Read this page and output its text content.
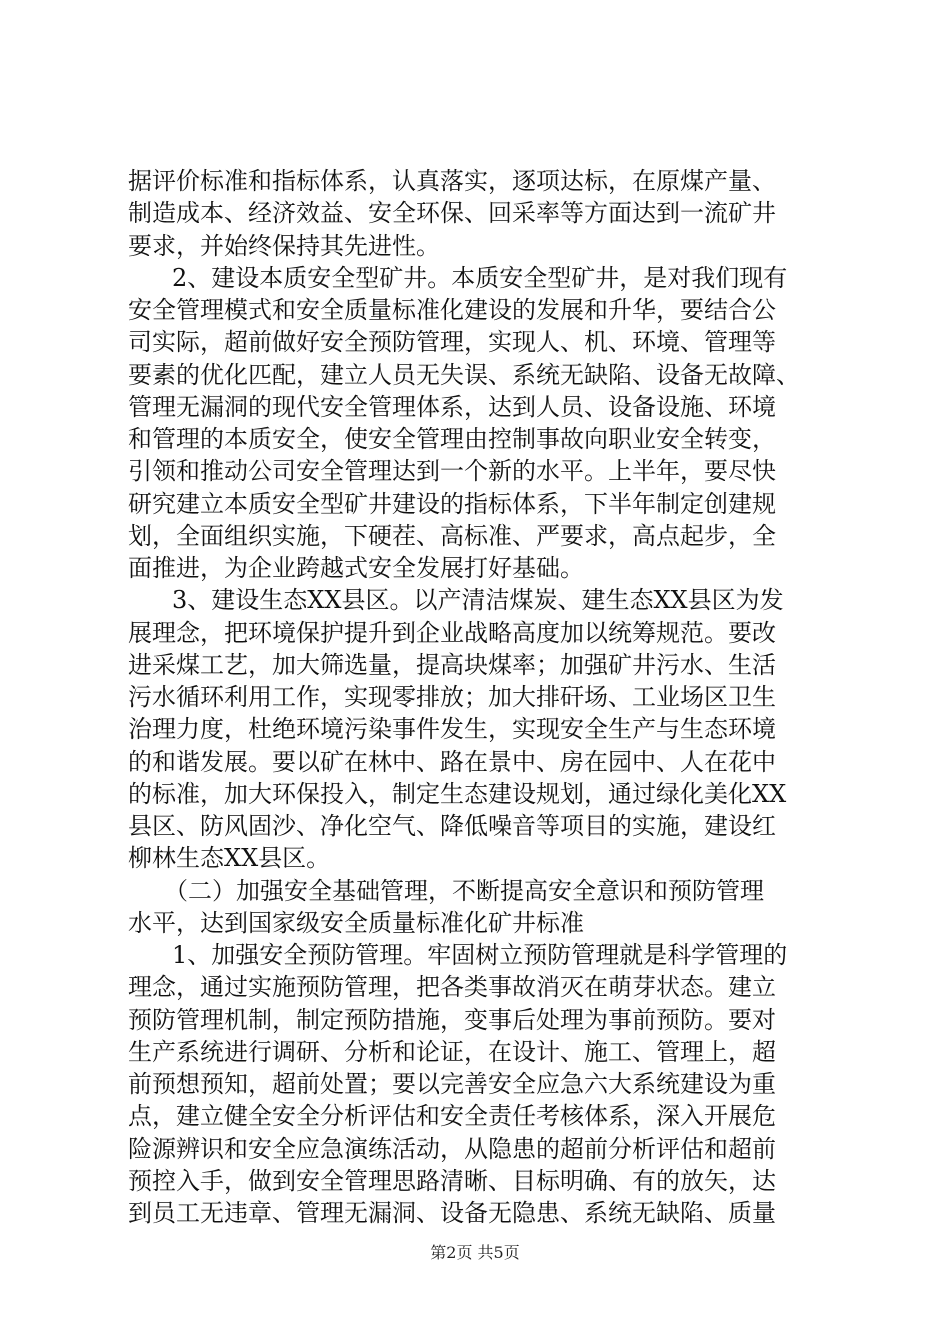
据评价标准和指标体系，认真落实，逐项达标，在原煤产量、
制造成本、经济效益、安全环保、回采率等方面达到一流矿井
要求，并始终保持其先进性。
2、建设本质安全型矿井。本质安全型矿井，是对我们现有
安全管理模式和安全质量标准化建设的发展和升华，要结合公
司实际，超前做好安全预防管理，实现人、机、环境、管理等
要素的优化匹配，建立人员无失误、系统无缺陷、设备无故障、
管理无漏洞的现代安全管理体系，达到人员、设备设施、环境
和管理的本质安全，使安全管理由控制事故向职业安全转变，
引领和推动公司安全管理达到一个新的水平。上半年，要尽快
研究建立本质安全型矿井建设的指标体系，下半年制定创建规
划，全面组织实施，下硬茬、高标准、严要求，高点起步，全
面推进，为企业跨越式安全发展打好基础。
3、建设生态XX县区。以产清洁煤炭、建生态XX县区为发
展理念，把环境保护提升到企业战略高度加以统筹规范。要改
进采煤工艺，加大筛选量，提高块煤率；加强矿井污水、生活
污水循环利用工作，实现零排放；加大排矸场、工业场区卫生
治理力度，杜绝环境污染事件发生，实现安全生产与生态环境
的和谐发展。要以矿在林中、路在景中、房在园中、人在花中
的标准，加大环保投入，制定生态建设规划，通过绿化美化XX
县区、防风固沙、净化空气、降低噪音等项目的实施，建设红
柳林生态XX县区。
（二）加强安全基础管理，不断提高安全意识和预防管理
水平，达到国家级安全质量标准化矿井标准
1、加强安全预防管理。牢固树立预防管理就是科学管理的
理念，通过实施预防管理，把各类事故消灭在萌芽状态。建立
预防管理机制，制定预防措施，变事后处理为事前预防。要对
生产系统进行调研、分析和论证，在设计、施工、管理上，超
前预想预知，超前处置；要以完善安全应急六大系统建设为重
点，建立健全安全分析评估和安全责任考核体系，深入开展危
险源辨识和安全应急演练活动，从隐患的超前分析评估和超前
预控入手，做到安全管理思路清晰、目标明确、有的放矢，达
到员工无违章、管理无漏洞、设备无隐患、系统无缺陷、质量
第2页 共5页
